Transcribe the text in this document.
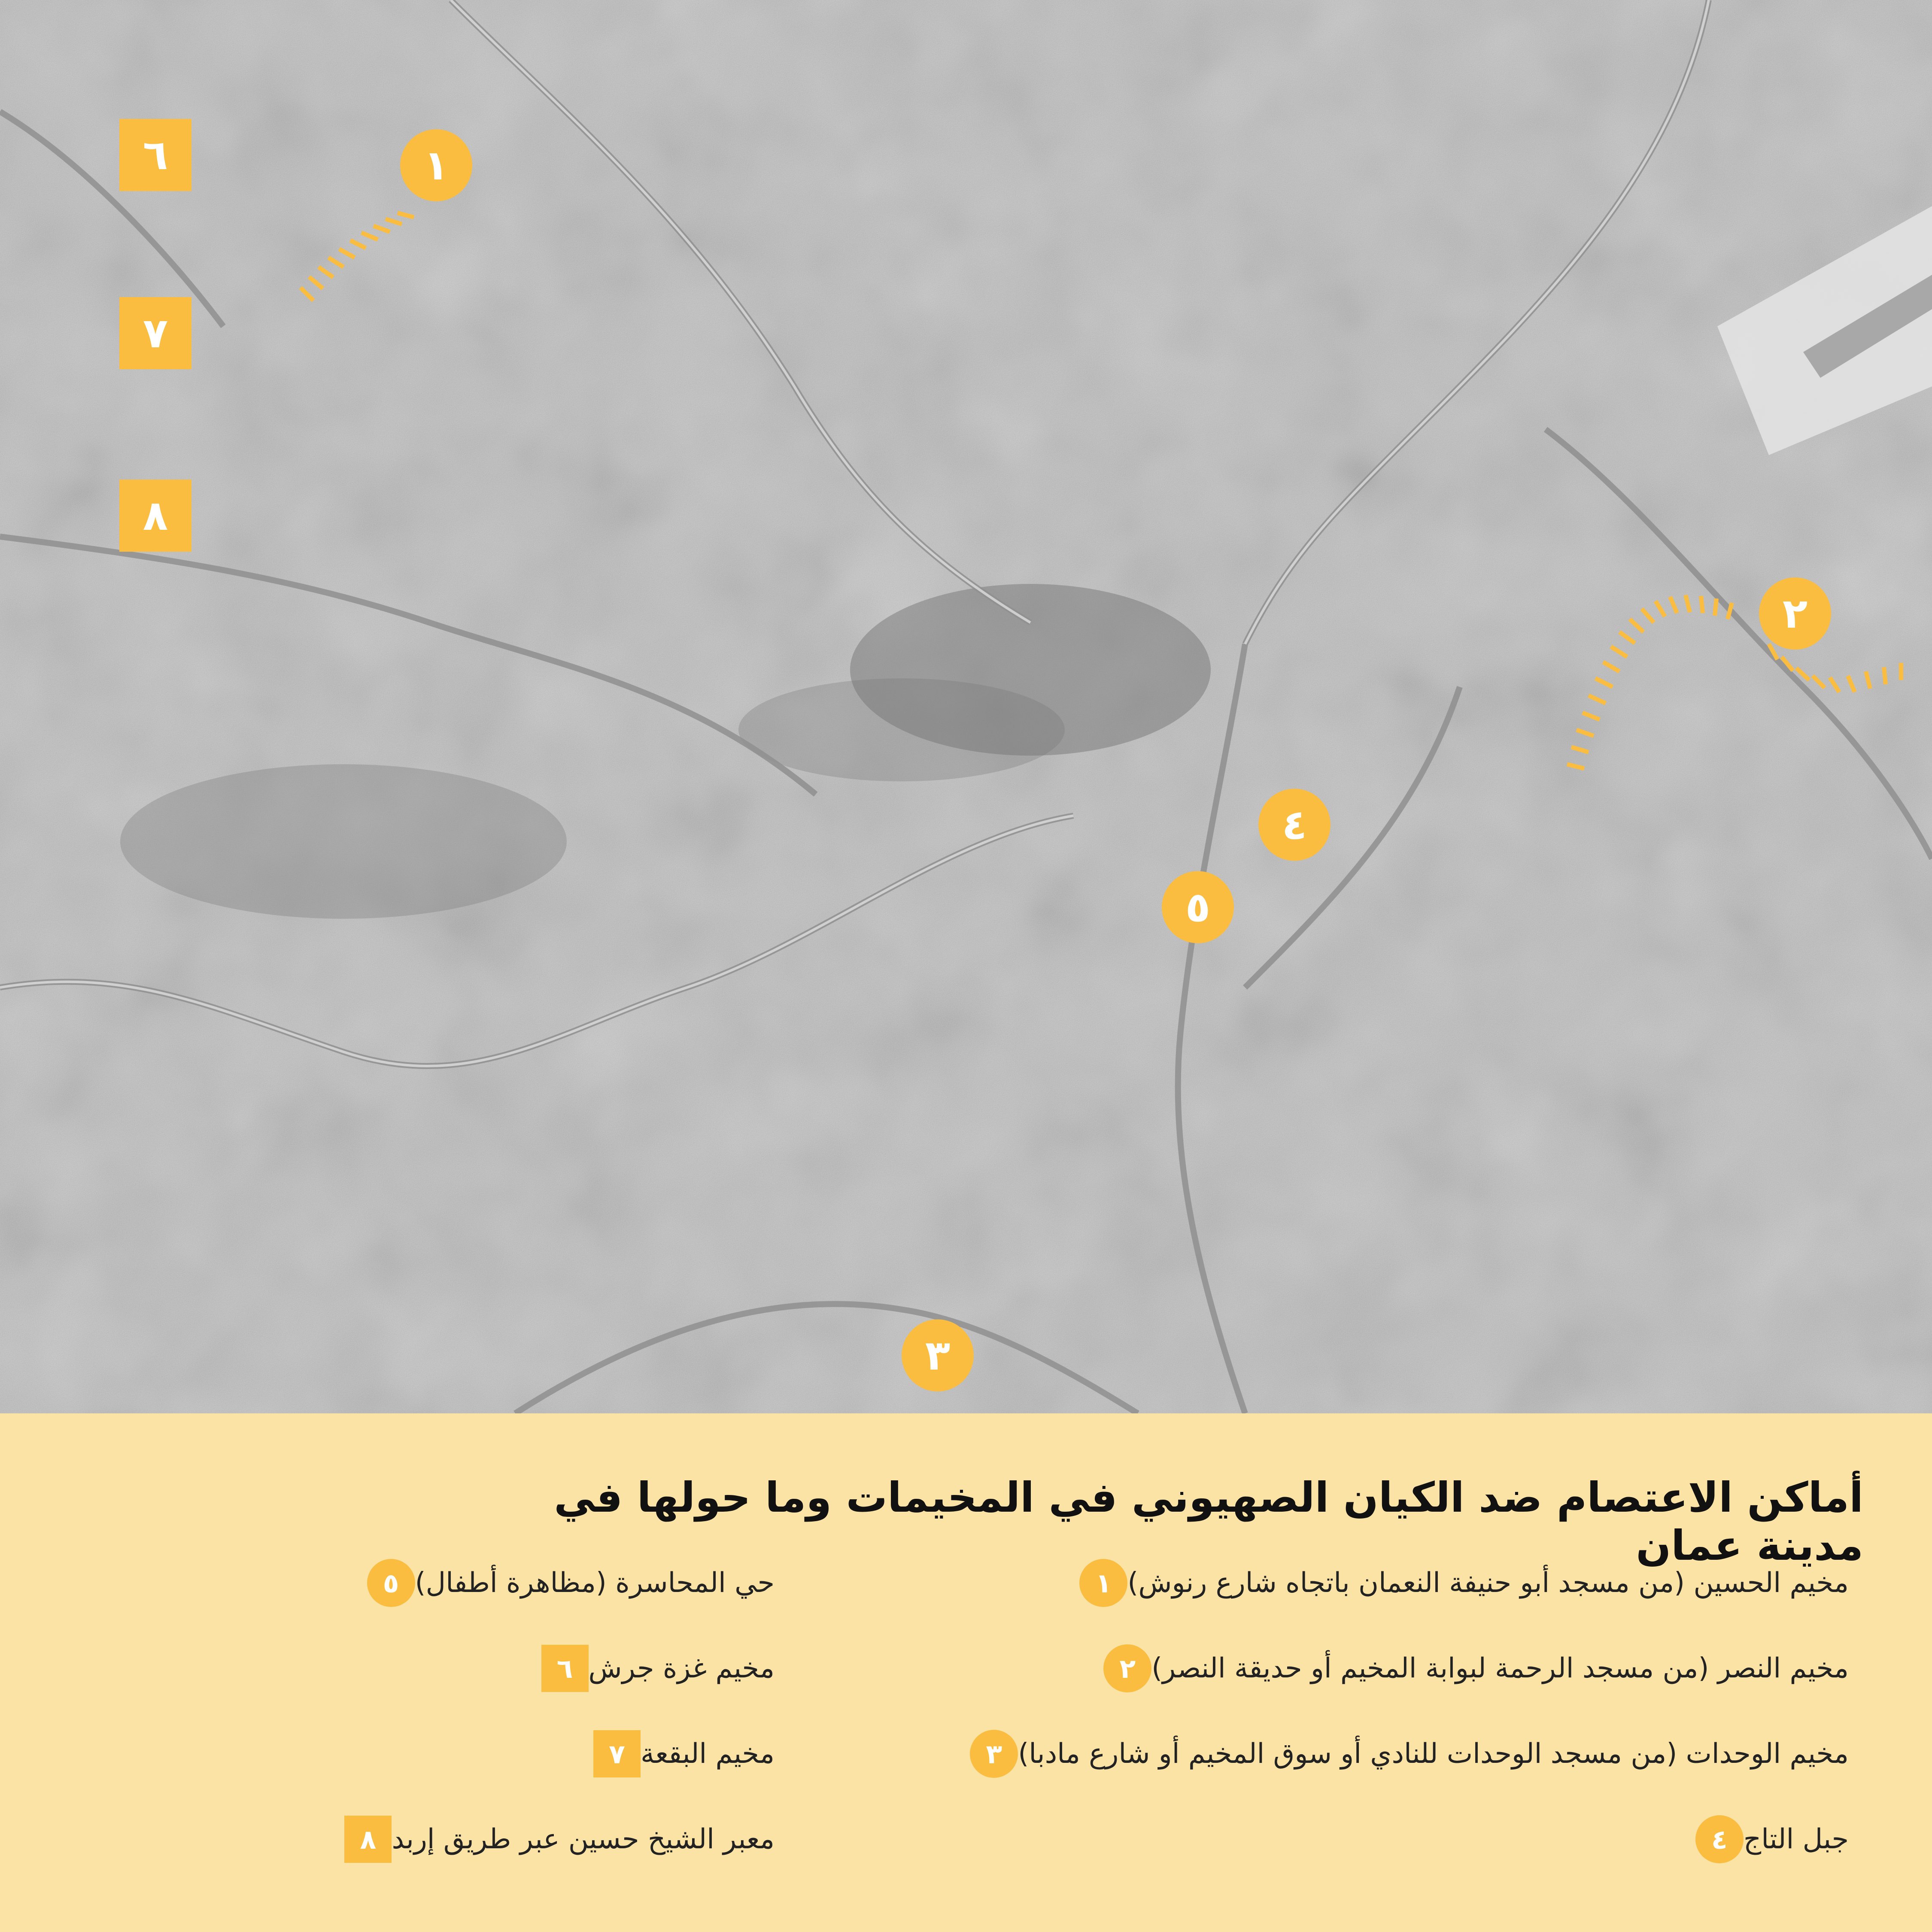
١
٢
٣
٤
٥
٦
٧
٨
أماكن الاعتصام ضد الكيان الصهيوني في المخيمات وما حولها في مدينة عمان
١ مخيم الحسين (من مسجد أبو حنيفة النعمان باتجاه شارع رنوش)
٢ مخيم النصر (من مسجد الرحمة لبوابة المخيم أو حديقة النصر)
٣ مخيم الوحدات (من مسجد الوحدات للنادي أو سوق المخيم أو شارع مادبا)
٤ جبل التاج
٥ حي المحاسرة (مظاهرة أطفال)
٦ مخيم غزة جرش
٧ مخيم البقعة
٨ معبر الشيخ حسين عبر طريق إربد
